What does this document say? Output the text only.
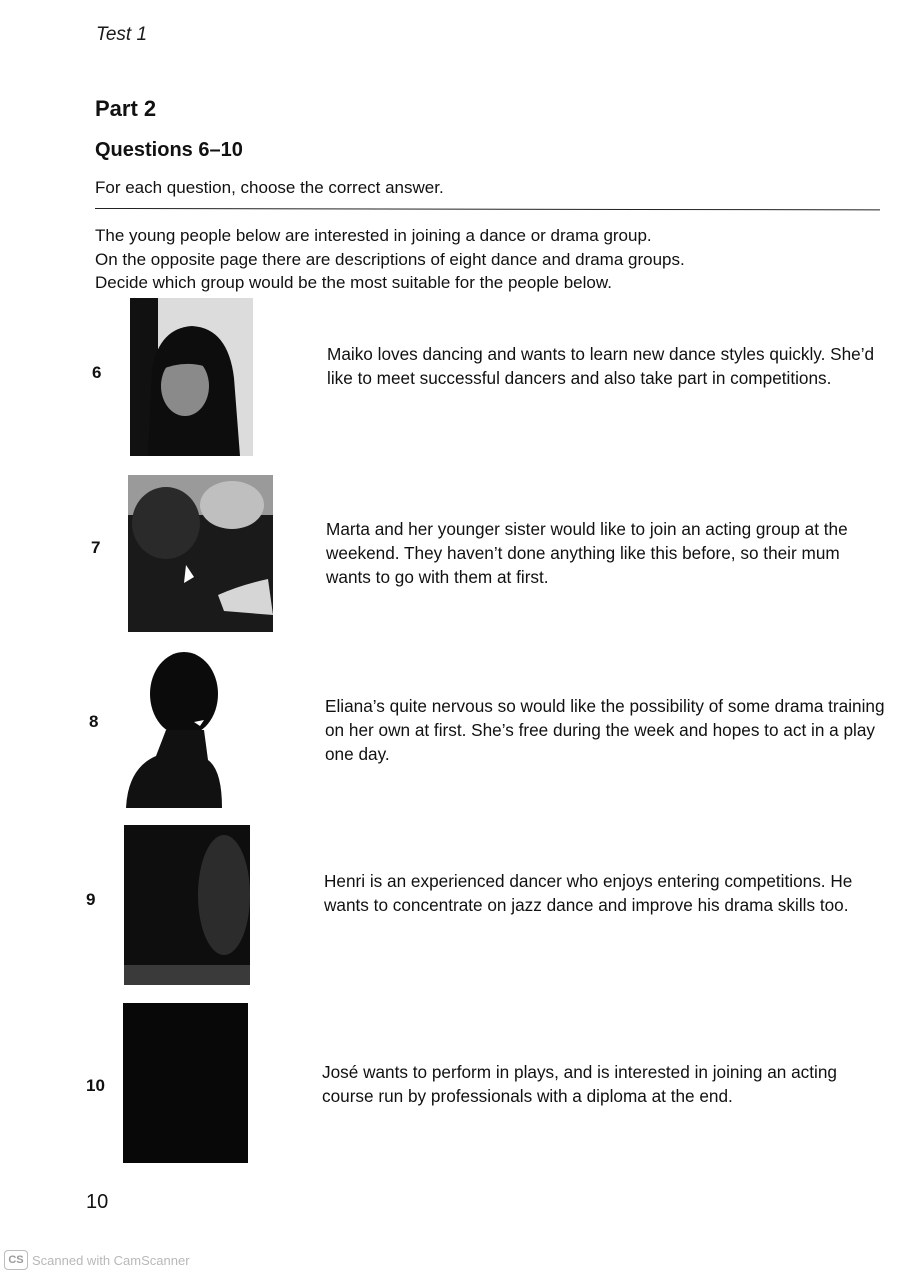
Test 1
Part 2
Questions 6–10
For each question, choose the correct answer.
The young people below are interested in joining a dance or drama group.
On the opposite page there are descriptions of eight dance and drama groups.
Decide which group would be the most suitable for the people below.
6
Maiko loves dancing and wants to learn new dance styles quickly. She’d like to meet successful dancers and also take part in competitions.
7
Marta and her younger sister would like to join an acting group at the weekend. They haven’t done anything like this before, so their mum wants to go with them at first.
8
Eliana’s quite nervous so would like the possibility of some drama training on her own at first. She’s free during the week and hopes to act in a play one day.
9
Henri is an experienced dancer who enjoys entering competitions. He wants to concentrate on jazz dance and improve his drama skills too.
10
José wants to perform in plays, and is interested in joining an acting course run by professionals with a diploma at the end.
10
CS Scanned with CamScanner
